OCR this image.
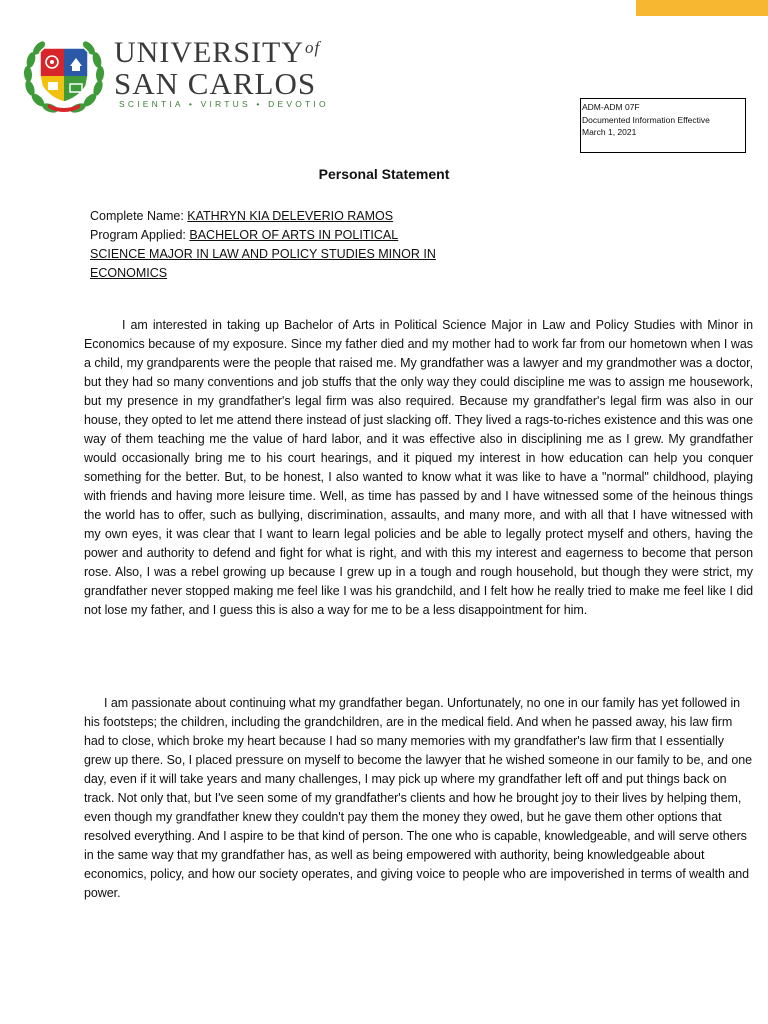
$UNIVERSITY^{of}$
SAN CARLOS
SCIENTIA • VIRTUS • DEVOTIO	ADM-ADM 07F
Documented Information Effective
March 1, 2021
Personal Statement
Complete Name: KATHRYN KIA DELEVERIO RAMOS
Program Applied: BACHELOR OF ARTS IN POLITICAL
SCIENCE MAJOR IN LAW AND POLICY STUDIES MINOR IN
ECONOMICS

I am interested in taking up Bachelor of Arts in Political Science Major in Law and Policy Studies with Minor in Economics because of my exposure. Since my father died and my mother had to work far from our hometown when I was a child, my grandparents were the people that raised me. My grandfather was a lawyer and my grandmother was a doctor, but they had so many conventions and job stuffs that the only way they could discipline me was to assign me housework, but my presence in my grandfather's legal firm was also required. Because my grandfather's legal firm was also in our house, they opted to let me attend there instead of just slacking off. They lived a rags-to-riches existence and this was one way of them teaching me the value of hard labor, and it was effective also in disciplining me as I grew. My grandfather would occasionally bring me to his court hearings, and it piqued my interest in how education can help you conquer something for the better. But, to be honest, I also wanted to know what it was like to have a "normal" childhood, playing with friends and having more leisure time. Well, as time has passed by and I have witnessed some of the heinous things the world has to offer, such as bullying, discrimination, assaults, and many more, and with all that I have witnessed with my own eyes, it was clear that I want to learn legal policies and be able to legally protect myself and others, having the power and authority to defend and fight for what is right, and with this my interest and eagerness to become that person rose. Also, I was a rebel growing up because I grew up in a tough and rough household, but though they were strict, my grandfather never stopped making me feel like I was his grandchild, and I felt how he really tried to make me feel like I did not lose my father, and I guess this is also a way for me to be a less disappointment for him.

I am passionate about continuing what my grandfather began. Unfortunately, no one in our family has yet followed in his footsteps; the children, including the grandchildren, are in the medical field. And when he passed away, his law firm had to close, which broke my heart because I had so many memories with my grandfather's law firm that I essentially grew up there. So, I placed pressure on myself to become the lawyer that he wished someone in our family to be, and one day, even if it will take years and many challenges, I may pick up where my grandfather left off and put things back on track. Not only that, but I've seen some of my grandfather's clients and how he brought joy to their lives by helping them, even though my grandfather knew they couldn't pay them the money they owed, but he gave them other options that resolved everything. And I aspire to be that kind of person. The one who is capable, knowledgeable, and will serve others in the same way that my grandfather has, as well as being empowered with authority, being knowledgeable about economics, policy, and how our society operates, and giving voice to people who are impoverished in terms of wealth and power.
